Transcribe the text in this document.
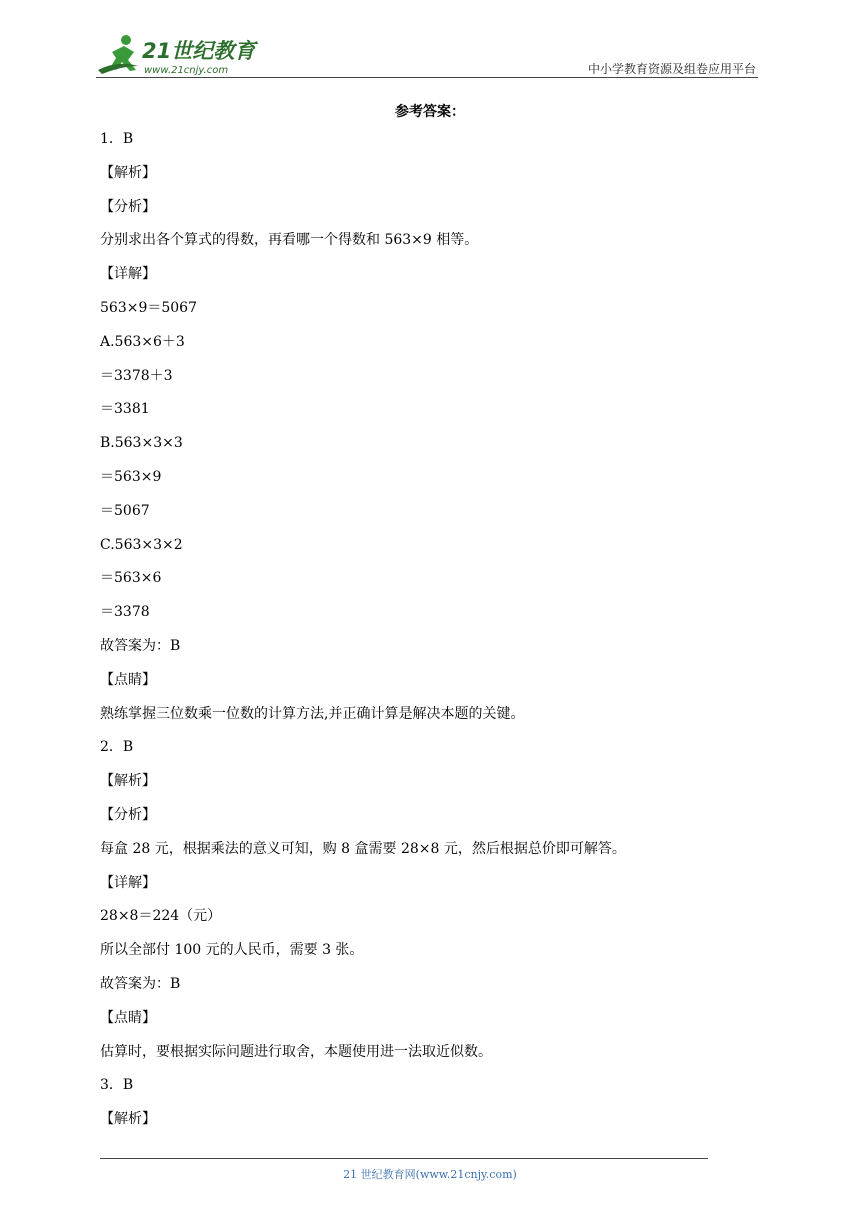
21世纪教育
www.21cnjy.com	中小学教育资源及组卷应用平台
参考答案：
1．B
【解析】
【分析】
分别求出各个算式的得数，再看哪一个得数和 563×9 相等。
【详解】
563×9＝5067
A.563×6＋3
＝3378＋3
＝3381
B.563×3×3
＝563×9
＝5067
C.563×3×2
＝563×6
＝3378
故答案为：B
【点睛】
熟练掌握三位数乘一位数的计算方法,并正确计算是解决本题的关键。
2．B
【解析】
【分析】
每盒 28 元，根据乘法的意义可知，购 8 盒需要 28×8 元，然后根据总价即可解答。
【详解】
28×8＝224（元）
所以全部付 100 元的人民币，需要 3 张。
故答案为：B
【点睛】
估算时，要根据实际问题进行取舍，本题使用进一法取近似数。
3．B
【解析】
21 世纪教育网(www.21cnjy.com)
